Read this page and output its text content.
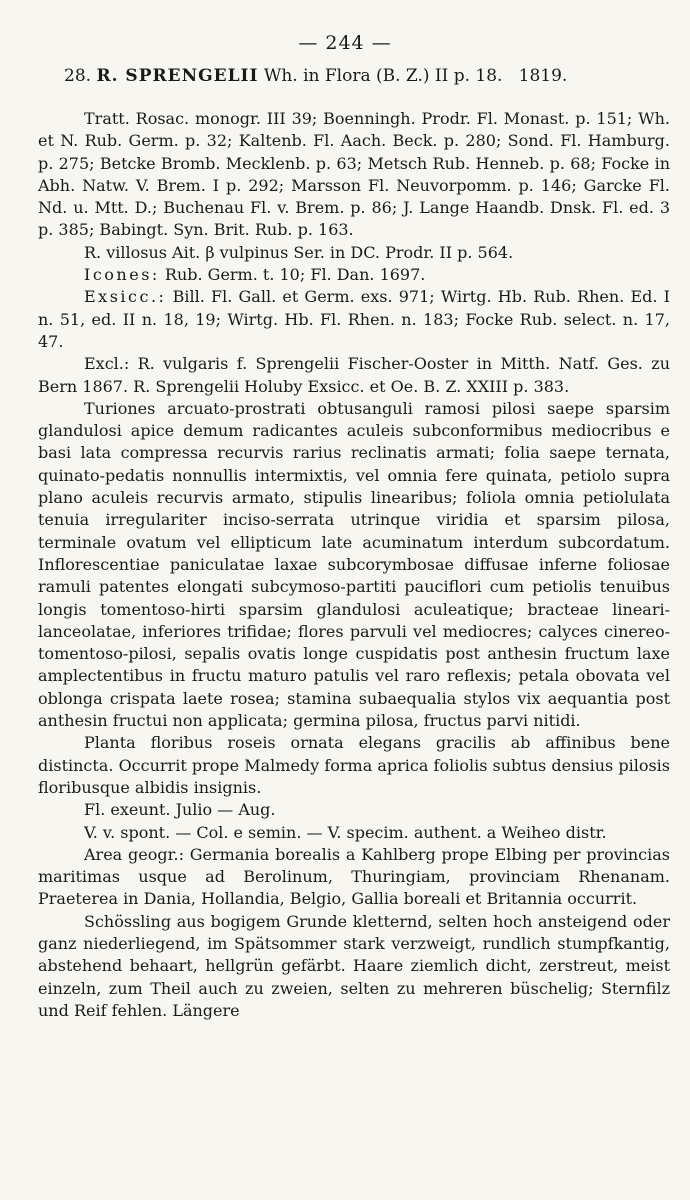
— 244 —
28. R. SPRENGELII Wh. in Flora (B. Z.) II p. 18. 1819.

Tratt. Rosac. monogr. III 39; Boenningh. Prodr. Fl. Monast. p. 151; Wh. et N. Rub. Germ. p. 32; Kaltenb. Fl. Aach. Beck. p. 280; Sond. Fl. Hamburg. p. 275; Betcke Bromb. Mecklenb. p. 63; Metsch Rub. Henneb. p. 68; Focke in Abh. Natw. V. Brem. I p. 292; Marsson Fl. Neuvorpomm. p. 146; Garcke Fl. Nd. u. Mtt. D.; Buchenau Fl. v. Brem. p. 86; J. Lange Haandb. Dnsk. Fl. ed. 3 p. 385; Babingt. Syn. Brit. Rub. p. 163.

R. villosus Ait. β vulpinus Ser. in DC. Prodr. II p. 564.

Icones: Rub. Germ. t. 10; Fl. Dan. 1697.

Exsicc.: Bill. Fl. Gall. et Germ. exs. 971; Wirtg. Hb. Rub. Rhen. Ed. I n. 51, ed. II n. 18, 19; Wirtg. Hb. Fl. Rhen. n. 183; Focke Rub. select. n. 17, 47.

Excl.: R. vulgaris f. Sprengelii Fischer-Ooster in Mitth. Natf. Ges. zu Bern 1867. R. Sprengelii Holuby Exsicc. et Oe. B. Z. XXIII p. 383.

Turiones arcuato-prostrati obtusanguli ramosi pilosi saepe sparsim glandulosi apice demum radicantes aculeis subconformibus mediocribus e basi lata compressa recurvis rarius reclinatis armati; folia saepe ternata, quinato-pedatis nonnullis intermixtis, vel omnia fere quinata, petiolo supra plano aculeis recurvis armato, stipulis linearibus; foliola omnia petiolulata tenuia irregulariter inciso-serrata utrinque viridia et sparsim pilosa, terminale ovatum vel ellipticum late acuminatum interdum subcordatum. Inflorescentiae paniculatae laxae subcorymbosae diffusae inferne foliosae ramuli patentes elongati subcymoso-partiti pauciflori cum petiolis tenuibus longis tomentoso-hirti sparsim glandulosi aculeatique; bracteae lineari-lanceolatae, inferiores trifidae; flores parvuli vel mediocres; calyces cinereo-tomentoso-pilosi, sepalis ovatis longe cuspidatis post anthesin fructum laxe amplectentibus in fructu maturo patulis vel raro reflexis; petala obovata vel oblonga crispata laete rosea; stamina subaequalia stylos vix aequantia post anthesin fructui non applicata; germina pilosa, fructus parvi nitidi.

Planta floribus roseis ornata elegans gracilis ab affinibus bene distincta. Occurrit prope Malmedy forma aprica foliolis subtus densius pilosis floribusque albidis insignis.

Fl. exeunt. Julio — Aug.

V. v. spont. — Col. e semin. — V. specim. authent. a Weiheo distr.

Area geogr.: Germania borealis a Kahlberg prope Elbing per provincias maritimas usque ad Berolinum, Thuringiam, provinciam Rhenanam. Praeterea in Dania, Hollandia, Belgio, Gallia boreali et Britannia occurrit.

Schössling aus bogigem Grunde kletternd, selten hoch ansteigend oder ganz niederliegend, im Spätsommer stark verzweigt, rundlich stumpfkantig, abstehend behaart, hellgrün gefärbt. Haare ziemlich dicht, zerstreut, meist einzeln, zum Theil auch zu zweien, selten zu mehreren büschelig; Sternfilz und Reif fehlen. Längere
